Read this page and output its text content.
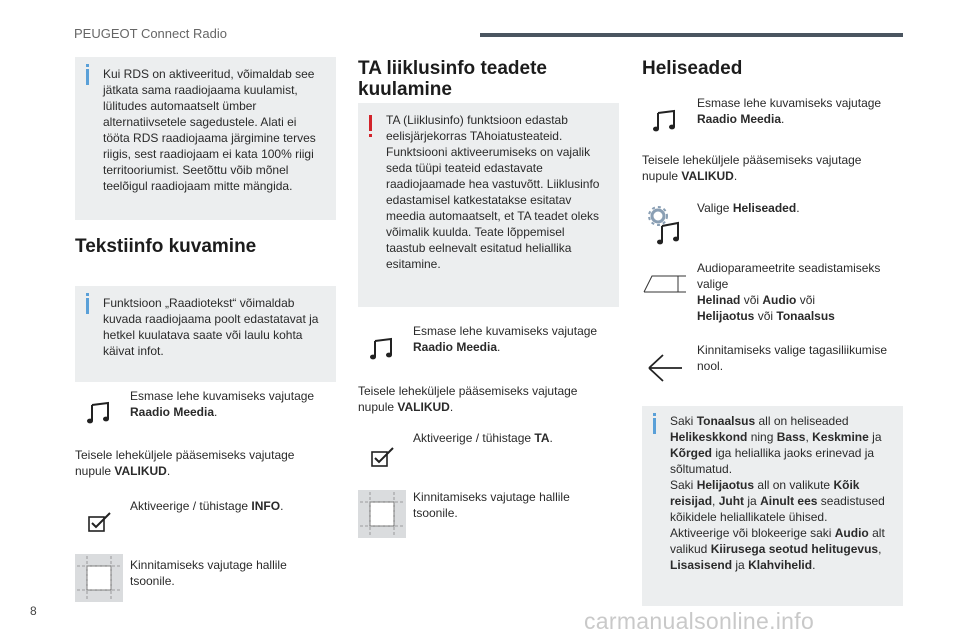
PEUGEOT Connect Radio

Kui RDS on aktiveeritud, võimaldab see jätkata sama raadiojaama kuulamist, lülitudes automaatselt ümber alternatiivsetele sagedustele. Alati ei tööta RDS raadiojaama järgimine terves riigis, sest raadiojaam ei kata 100% riigi territooriumist. Seetõttu võib mõnel teelõigul raadiojaam mitte mängida.

Tekstiinfo kuvamine

Funktsioon „Raadiotekst“ võimaldab kuvada raadiojaama poolt edastatavat ja hetkel kuulatava saate või laulu kohta käivat infot.

Esmase lehe kuvamiseks vajutage
Raadio Meedia.
Teisele leheküljele pääsemiseks vajutage nupule VALIKUD.
Aktiveerige / tühistage INFO.
Kinnitamiseks vajutage hallile tsoonile.
TA liiklusinfo teadete
kuulamine

TA (Liiklusinfo) funktsioon edastab eelisjärjekorras TAhoiatusteateid. Funktsiooni aktiveerumiseks on vajalik seda tüüpi teateid edastavate raadiojaamade hea vastuvõtt. Liiklusinfo edastamisel katkestatakse esitatav meedia automaatselt, et TA teadet oleks võimalik kuulda. Teate lõppemisel taastub eelnevalt esitatud heliallika esitamine.

Esmase lehe kuvamiseks vajutage
Raadio Meedia.
Teisele leheküljele pääsemiseks vajutage nupule VALIKUD.
Aktiveerige / tühistage TA.
Kinnitamiseks vajutage hallile tsoonile.
Heliseaded
Esmase lehe kuvamiseks vajutage
Raadio Meedia.
Teisele leheküljele pääsemiseks vajutage nupule VALIKUD.
Valige Heliseaded.
Audioparameetrite seadistamiseks valige
Helinad või Audio või
Helijaotus või Tonaalsus
Kinnitamiseks valige tagasiliikumise nool.
Saki Tonaalsus all on heliseaded
Helikeskkond ning Bass, Keskmine ja
Kõrged iga heliallika jaoks erinevad ja
sõltumatud.
Saki Helijaotus all on valikute Kõik
reisijad, Juht ja Ainult ees seadistused
kõikidele heliallikatele ühised.
Aktiveerige või blokeerige saki Audio alt
valikud Kiirusega seotud helitugevus,
Lisasisend ja Klahvihelid.
8	carmanualsonline.info
